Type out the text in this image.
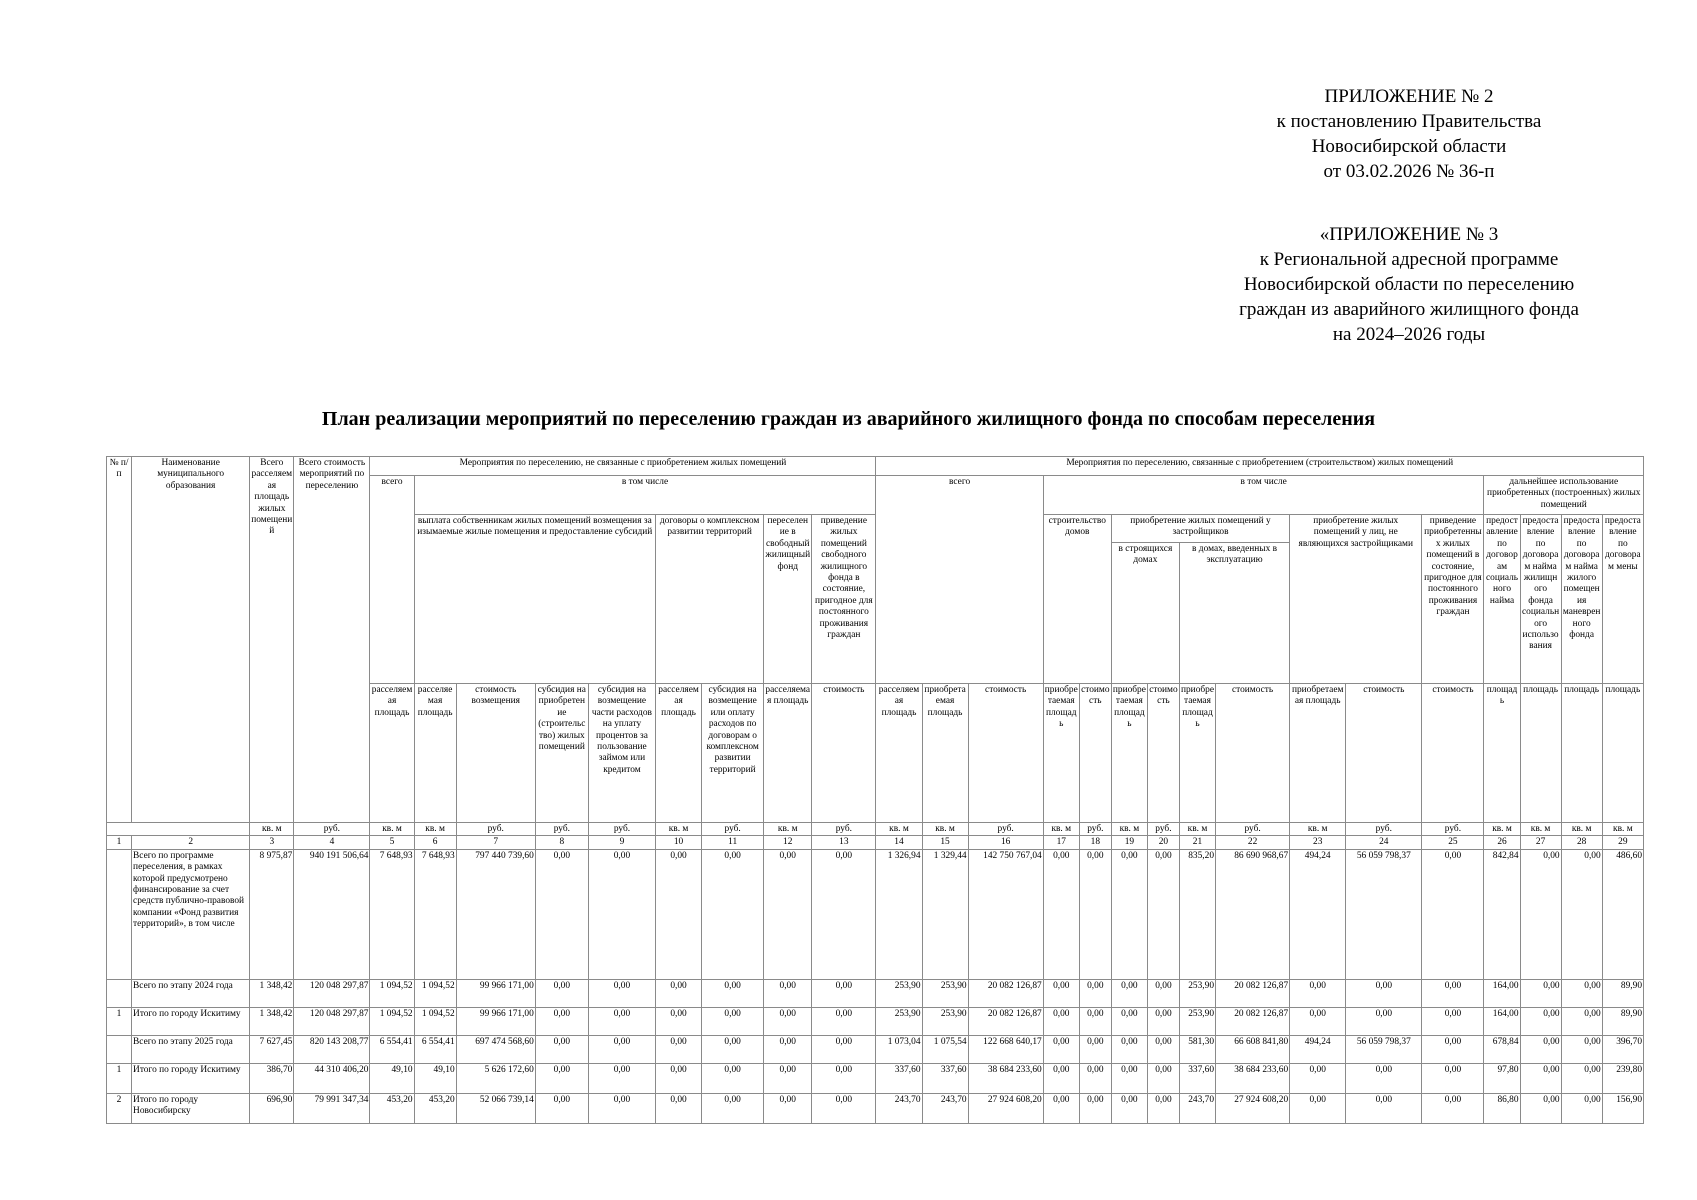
ПРИЛОЖЕНИЕ № 2
к постановлению Правительства
Новосибирской области
от 03.02.2026 № 36-п
«ПРИЛОЖЕНИЕ № 3
к Региональной адресной программе
Новосибирской области по переселению
граждан из аварийного жилищного фонда
на 2024–2026 годы
План реализации мероприятий по переселению граждан из аварийного жилищного фонда по способам переселения
№ п/п	Наименование муниципального образования	Всего расселяемая площадь жилых помещений	Всего стоимость мероприятий по переселению	Мероприятия по переселению, не связанные с приобретением жилых помещений									Мероприятия по переселению, связанные с приобретением (строительством) жилых помещений															
				всего	в том числе								всего			в том числе									дальнейшее использование приобретенных (построенных) жилых помещений			
					выплата собственникам жилых помещений возмещения за изымаемые жилые помещения и предоставление субсидий				договоры о комплексном развитии территорий		переселение в свободный жилищный фонд	приведение жилых помещений свободного жилищного фонда в состояние, пригодное для постоянного проживания граждан				строительство домов		приобретение жилых помещений у застройщиков				приобретение жилых помещений у лиц, не являющихся застройщиками		приведение приобретенных жилых помещений в состояние, пригодное для постоянного проживания граждан	предоставление по договорам социального найма	предоставление по договорам найма жилищного фонда социального использования	предоставление по договорам найма жилого помещения маневренного фонда	предоставление по договорам мены
																		в строящихся домах		в домах, введенных в эксплуатацию								
				расселяемая площадь	расселяемая площадь	стоимость возмещения	субсидия на приобретение (строительство) жилых помещений	субсидия на возмещение части расходов на уплату процентов за пользование займом или кредитом	расселяемая площадь	субсидия на возмещение или оплату расходов по договорам о комплексном развитии территорий	расселяемая площадь	стоимость	расселяемая площадь	приобретаемая площадь	стоимость	приобретаемая площадь	стоимость	приобретаемая площадь	стоимость	приобретаемая площадь	стоимость	приобретаемая площадь	стоимость	стоимость	площадь	площадь	площадь	площадь
		кв. м	руб.	кв. м	кв. м	руб.	руб.	руб.	кв. м	руб.	кв. м	руб.	кв. м	кв. м	руб.	кв. м	руб.	кв. м	руб.	кв. м	руб.	кв. м	руб.	руб.	кв. м	кв. м	кв. м	кв. м
1	2	3	4	5	6	7	8	9	10	11	12	13	14	15	16	17	18	19	20	21	22	23	24	25	26	27	28	29
	Всего по программе переселения, в рамках которой предусмотрено финансирование за счет средств публично-правовой компании «Фонд развития территорий», в том числе	8 975,87	940 191 506,64	7 648,93	7 648,93	797 440 739,60	0,00	0,00	0,00	0,00	0,00	0,00	1 326,94	1 329,44	142 750 767,04	0,00	0,00	0,00	0,00	835,20	86 690 968,67	494,24	56 059 798,37	0,00	842,84	0,00	0,00	486,60
	Всего по этапу 2024 года	1 348,42	120 048 297,87	1 094,52	1 094,52	99 966 171,00	0,00	0,00	0,00	0,00	0,00	0,00	253,90	253,90	20 082 126,87	0,00	0,00	0,00	0,00	253,90	20 082 126,87	0,00	0,00	0,00	164,00	0,00	0,00	89,90
1	Итого по городу Искитиму	1 348,42	120 048 297,87	1 094,52	1 094,52	99 966 171,00	0,00	0,00	0,00	0,00	0,00	0,00	253,90	253,90	20 082 126,87	0,00	0,00	0,00	0,00	253,90	20 082 126,87	0,00	0,00	0,00	164,00	0,00	0,00	89,90
	Всего по этапу 2025 года	7 627,45	820 143 208,77	6 554,41	6 554,41	697 474 568,60	0,00	0,00	0,00	0,00	0,00	0,00	1 073,04	1 075,54	122 668 640,17	0,00	0,00	0,00	0,00	581,30	66 608 841,80	494,24	56 059 798,37	0,00	678,84	0,00	0,00	396,70
1	Итого по городу Искитиму	386,70	44 310 406,20	49,10	49,10	5 626 172,60	0,00	0,00	0,00	0,00	0,00	0,00	337,60	337,60	38 684 233,60	0,00	0,00	0,00	0,00	337,60	38 684 233,60	0,00	0,00	0,00	97,80	0,00	0,00	239,80
2	Итого по городу Новосибирску	696,90	79 991 347,34	453,20	453,20	52 066 739,14	0,00	0,00	0,00	0,00	0,00	0,00	243,70	243,70	27 924 608,20	0,00	0,00	0,00	0,00	243,70	27 924 608,20	0,00	0,00	0,00	86,80	0,00	0,00	156,90
